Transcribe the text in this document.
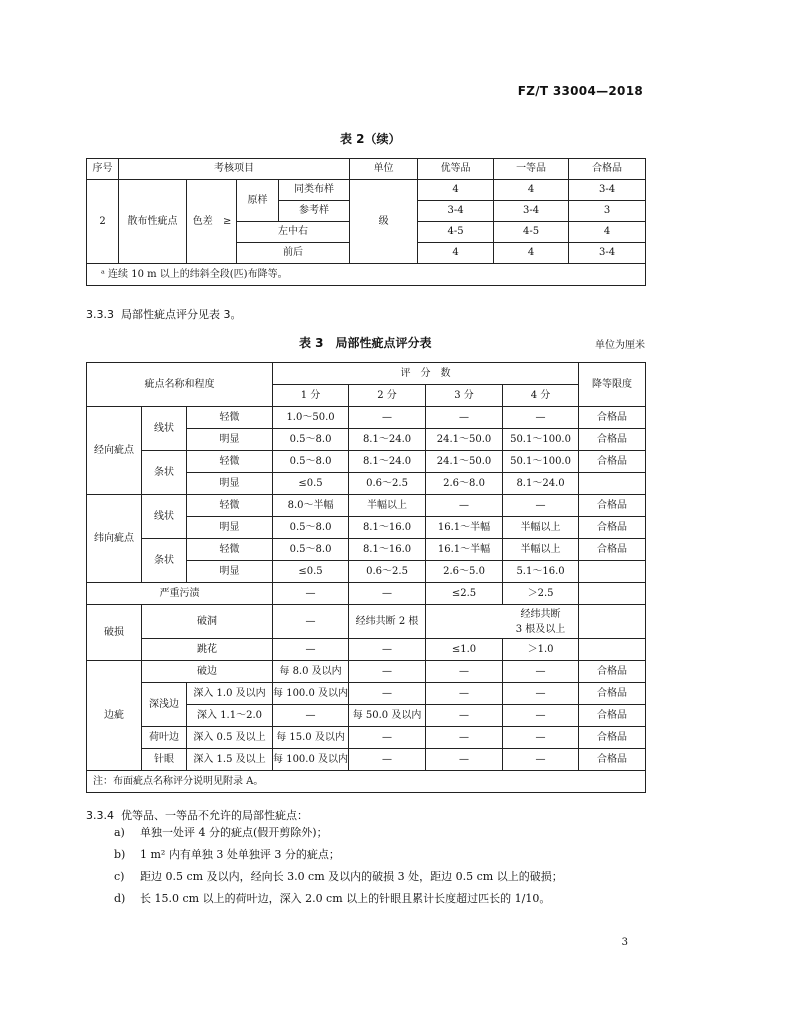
FZ/T 33004—2018
表 2（续）
序号	考核项目					单位	优等品	一等品	合格品
2	散布性疵点	色差	≥	原样	同类布样	级	4	4	3-4
					参考样		3-4	3-4	3
				左中右			4-5	4-5	4
				前后			4	4	3-4
ᵃ 连续 10 m 以上的纬斜全段(匹)布降等。									
3.3.3 局部性疵点评分见表 3。
表 3　局部性疵点评分表	单位为厘米
疵点名称和程度			评　分　数				降等限度
			1 分	2 分	3 分	4 分	
经向疵点	线状	轻微	1.0～50.0	—	—	—	合格品
		明显	0.5～8.0	8.1～24.0	24.1～50.0	50.1～100.0	合格品
	条状	轻微	0.5～8.0	8.1～24.0	24.1～50.0	50.1～100.0	合格品
		明显	≤0.5	0.6～2.5	2.6～8.0	8.1～24.0	
纬向疵点	线状	轻微	8.0～半幅	半幅以上	—	—	合格品
		明显	0.5～8.0	8.1～16.0	16.1～半幅	半幅以上	合格品
	条状	轻微	0.5～8.0	8.1～16.0	16.1～半幅	半幅以上	合格品
		明显	≤0.5	0.6～2.5	2.6～5.0	5.1～16.0	
严重污渍			—	—	≤2.5	＞2.5	
破损	破洞		—	经纬共断 2 根	经纬共断
3 根及以上		
	跳花		—	—	≤1.0	＞1.0	
边疵	破边		每 8.0 及以内	—	—	—	合格品
	深浅边	深入 1.0 及以内	每 100.0 及以内	—	—	—	合格品
		深入 1.1～2.0	—	每 50.0 及以内	—	—	合格品
	荷叶边	深入 0.5 及以上	每 15.0 及以内	—	—	—	合格品
	针眼	深入 1.5 及以上	每 100.0 及以内	—	—	—	合格品
注：布面疵点名称评分说明见附录 A。							
3.3.4 优等品、一等品不允许的局部性疵点：
a) 单独一处评 4 分的疵点(假开剪除外)；
b) 1 m² 内有单独 3 处单独评 3 分的疵点；
c) 距边 0.5 cm 及以内，经向长 3.0 cm 及以内的破损 3 处，距边 0.5 cm 以上的破损；
d) 长 15.0 cm 以上的荷叶边，深入 2.0 cm 以上的针眼且累计长度超过匹长的 1/10。
3
